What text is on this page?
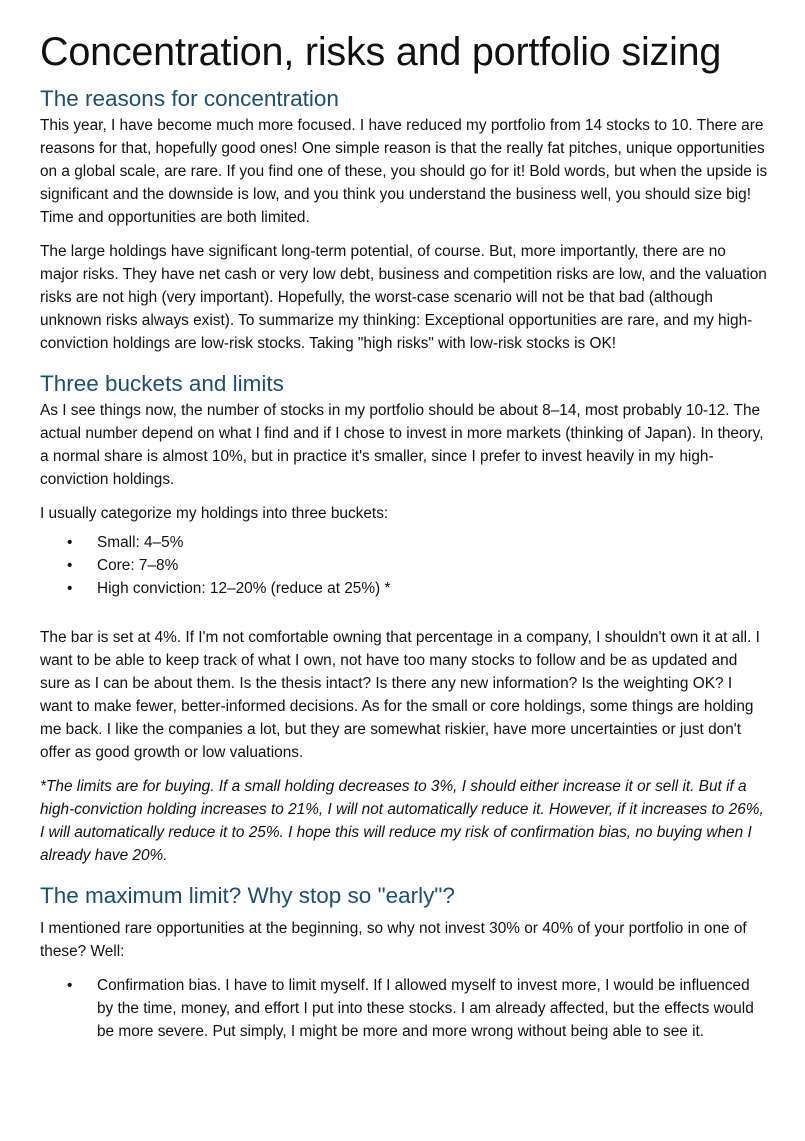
Concentration, risks and portfolio sizing
The reasons for concentration

This year, I have become much more focused. I have reduced my portfolio from 14 stocks to 10. There are reasons for that, hopefully good ones! One simple reason is that the really fat pitches, unique opportunities on a global scale, are rare. If you find one of these, you should go for it! Bold words, but when the upside is significant and the downside is low, and you think you understand the business well, you should size big! Time and opportunities are both limited.

The large holdings have significant long-term potential, of course. But, more importantly, there are no major risks. They have net cash or very low debt, business and competition risks are low, and the valuation risks are not high (very important). Hopefully, the worst-case scenario will not be that bad (although unknown risks always exist). To summarize my thinking: Exceptional opportunities are rare, and my high-conviction holdings are low-risk stocks. Taking "high risks" with low-risk stocks is OK!

Three buckets and limits

As I see things now, the number of stocks in my portfolio should be about 8–14, most probably 10-12. The actual number depend on what I find and if I chose to invest in more markets (thinking of Japan). In theory, a normal share is almost 10%, but in practice it's smaller, since I prefer to invest heavily in my high-conviction holdings.

I usually categorize my holdings into three buckets:

• Small: 4–5%
• Core: 7–8%
• High conviction: 12–20% (reduce at 25%) *

The bar is set at 4%. If I'm not comfortable owning that percentage in a company, I shouldn't own it at all. I want to be able to keep track of what I own, not have too many stocks to follow and be as updated and sure as I can be about them. Is the thesis intact? Is there any new information? Is the weighting OK? I want to make fewer, better-informed decisions. As for the small or core holdings, some things are holding me back. I like the companies a lot, but they are somewhat riskier, have more uncertainties or just don't offer as good growth or low valuations.

*The limits are for buying. If a small holding decreases to 3%, I should either increase it or sell it. But if a high-conviction holding increases to 21%, I will not automatically reduce it. However, if it increases to 26%, I will automatically reduce it to 25%. I hope this will reduce my risk of confirmation bias, no buying when I already have 20%.

The maximum limit? Why stop so "early"?

I mentioned rare opportunities at the beginning, so why not invest 30% or 40% of your portfolio in one of these? Well:

• Confirmation bias. I have to limit myself. If I allowed myself to invest more, I would be influenced by the time, money, and effort I put into these stocks. I am already affected, but the effects would be more severe. Put simply, I might be more and more wrong without being able to see it.
